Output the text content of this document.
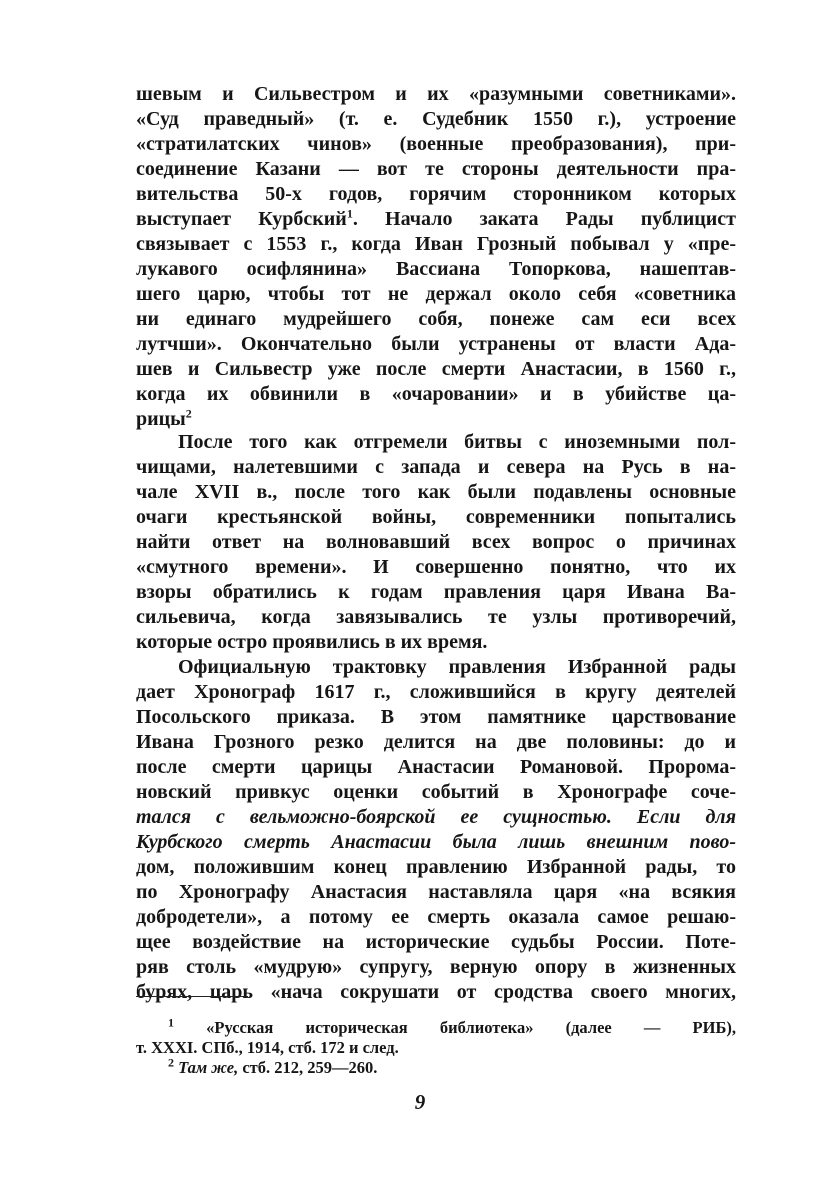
шевым и Сильвестром и их «разумными советниками».
«Суд праведный» (т. е. Судебник 1550 г.), устроение
«стратилатских чинов» (военные преобразования), при-
соединение Казани — вот те стороны деятельности пра-
вительства 50-х годов, горячим сторонником которых
выступает Курбский$^1$. Начало заката Рады публицист
связывает с 1553 г., когда Иван Грозный побывал у «пре-
лукавого осифлянина» Вассиана Топоркова, нашептав-
шего царю, чтобы тот не держал около себя «советника
ни единаго мудрейшего собя, понеже сам еси всех
лутчши». Окончательно были устранены от власти Ада-
шев и Сильвестр уже после смерти Анастасии, в 1560 г.,
когда их обвинили в «очаровании» и в убийстве ца-
рицы$^2$
После того как отгремели битвы с иноземными пол-
чищами, налетевшими с запада и севера на Русь в на-
чале XVII в., после того как были подавлены основные
очаги крестьянской войны, современники попытались
найти ответ на волновавший всех вопрос о причинах
«смутного времени». И совершенно понятно, что их
взоры обратились к годам правления царя Ивана Ва-
сильевича, когда завязывались те узлы противоречий,
которые остро проявились в их время.
Официальную трактовку правления Избранной рады
дает Хронограф 1617 г., сложившийся в кругу деятелей
Посольского приказа. В этом памятнике царствование
Ивана Грозного резко делится на две половины: до и
после смерти царицы Анастасии Романовой. Пророма-
новский привкус оценки событий в Хронографе соче-
тался с вельможно-боярской ее сущностью. Если для
Курбского смерть Анастасии была лишь внешним пово-
дом, положившим конец правлению Избранной рады, то
по Хронографу Анастасия наставляла царя «на всякия
добродетели», а потому ее смерть оказала самое решаю-
щее воздействие на исторические судьбы России. Поте-
ряв столь «мудрую» супругу, верную опору в жизненных
бурях, царь «нача сокрушати от сродства своего многих,
$^1$ «Русская историческая библиотека» (далее — РИБ),
т. XXXI. СПб., 1914, стб. 172 и след.
$^2$ Там же, стб. 212, 259—260.
9
